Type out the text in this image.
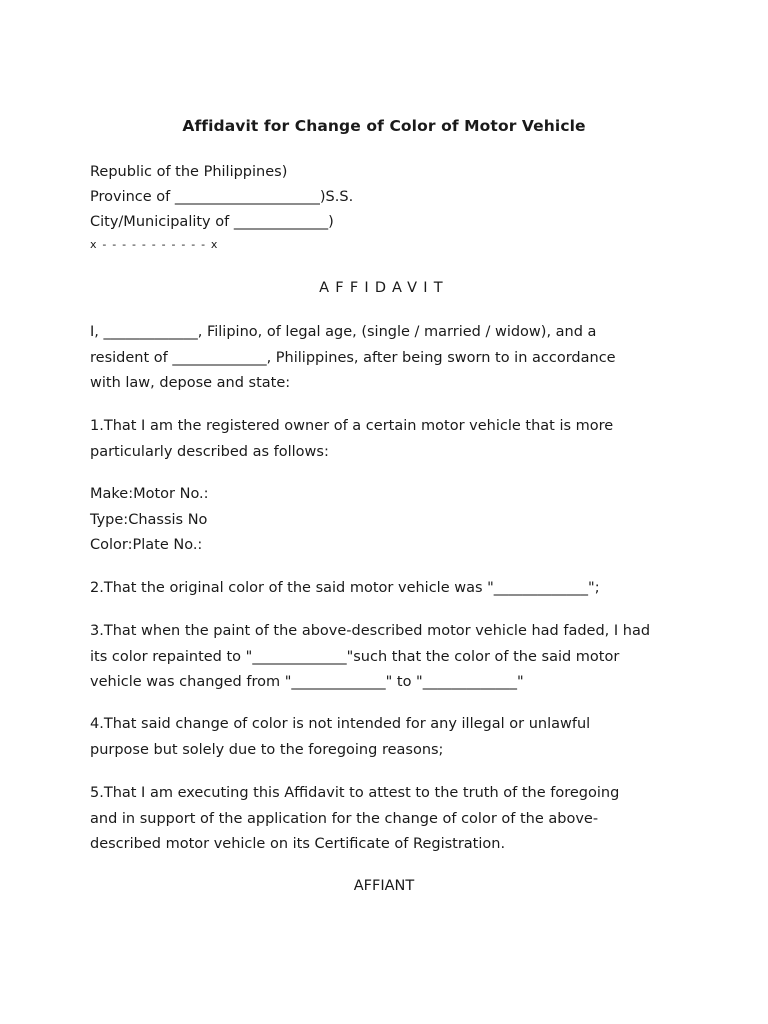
Affidavit for Change of Color of Motor Vehicle
Republic of the Philippines)
Province of ____________________)S.S.
City/Municipality of _____________)
x - - - - - - - - - - - x
AFFIDAVIT
I, _____________, Filipino, of legal age, (single / married / widow), and a
resident of _____________, Philippines, after being sworn to in accordance
with law, depose and state:
1.That I am the registered owner of a certain motor vehicle that is more
particularly described as follows:
Make:Motor No.:
Type:Chassis No
Color:Plate No.:
2.That the original color of the said motor vehicle was "_____________";
3.That when the paint of the above-described motor vehicle had faded, I had
its color repainted to "_____________"such that the color of the said motor
vehicle was changed from "_____________" to "_____________"
4.That said change of color is not intended for any illegal or unlawful
purpose but solely due to the foregoing reasons;
5.That I am executing this Affidavit to attest to the truth of the foregoing
and in support of the application for the change of color of the above-
described motor vehicle on its Certificate of Registration.
AFFIANT
